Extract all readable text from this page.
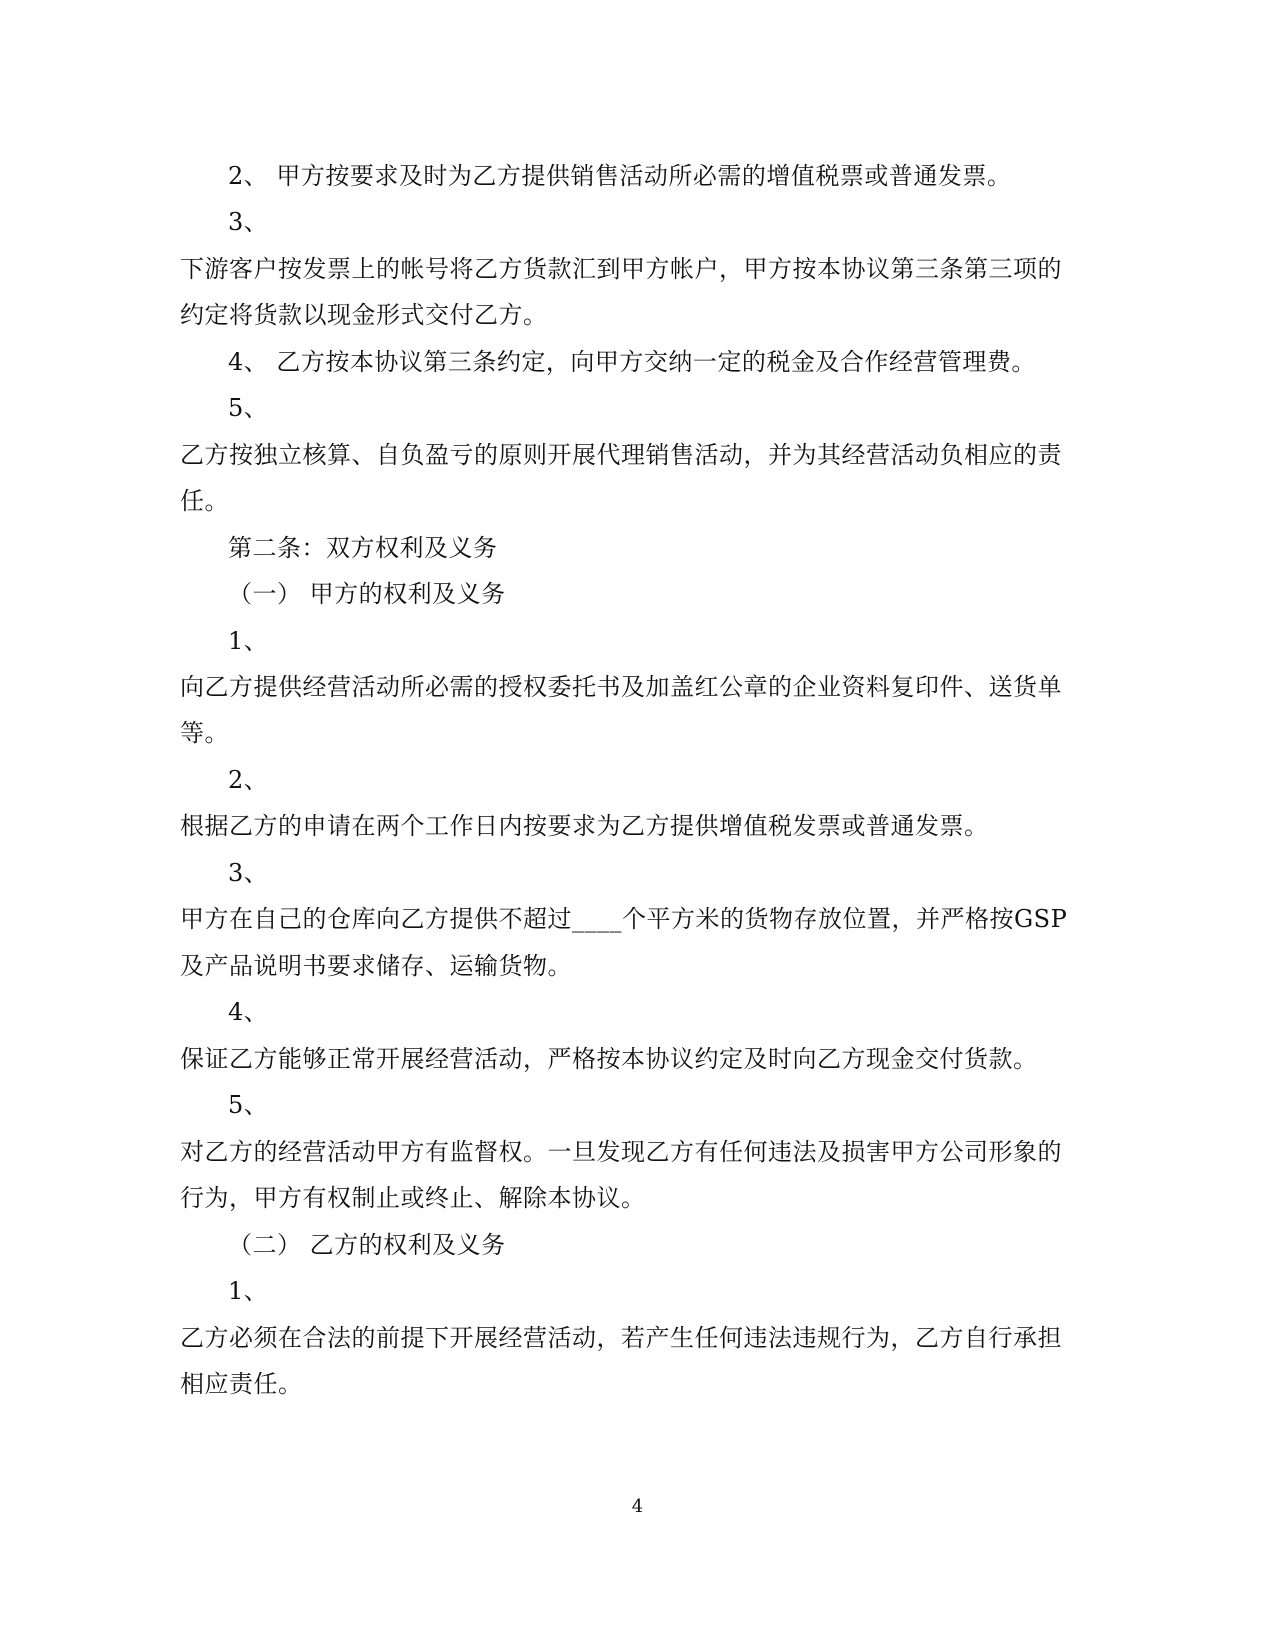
2、 甲方按要求及时为乙方提供销售活动所必需的增值税票或普通发票。
3、
下游客户按发票上的帐号将乙方货款汇到甲方帐户，甲方按本协议第三条第三项的
约定将货款以现金形式交付乙方。
4、 乙方按本协议第三条约定，向甲方交纳一定的税金及合作经营管理费。
5、
乙方按独立核算、自负盈亏的原则开展代理销售活动，并为其经营活动负相应的责
任。
第二条：双方权利及义务
（一） 甲方的权利及义务
1、
向乙方提供经营活动所必需的授权委托书及加盖红公章的企业资料复印件、送货单
等。
2、
根据乙方的申请在两个工作日内按要求为乙方提供增值税发票或普通发票。
3、
甲方在自己的仓库向乙方提供不超过____个平方米的货物存放位置，并严格按GSP
及产品说明书要求储存、运输货物。
4、
保证乙方能够正常开展经营活动，严格按本协议约定及时向乙方现金交付货款。
5、
对乙方的经营活动甲方有监督权。一旦发现乙方有任何违法及损害甲方公司形象的
行为，甲方有权制止或终止、解除本协议。
（二） 乙方的权利及义务
1、
乙方必须在合法的前提下开展经营活动，若产生任何违法违规行为，乙方自行承担
相应责任。
4
